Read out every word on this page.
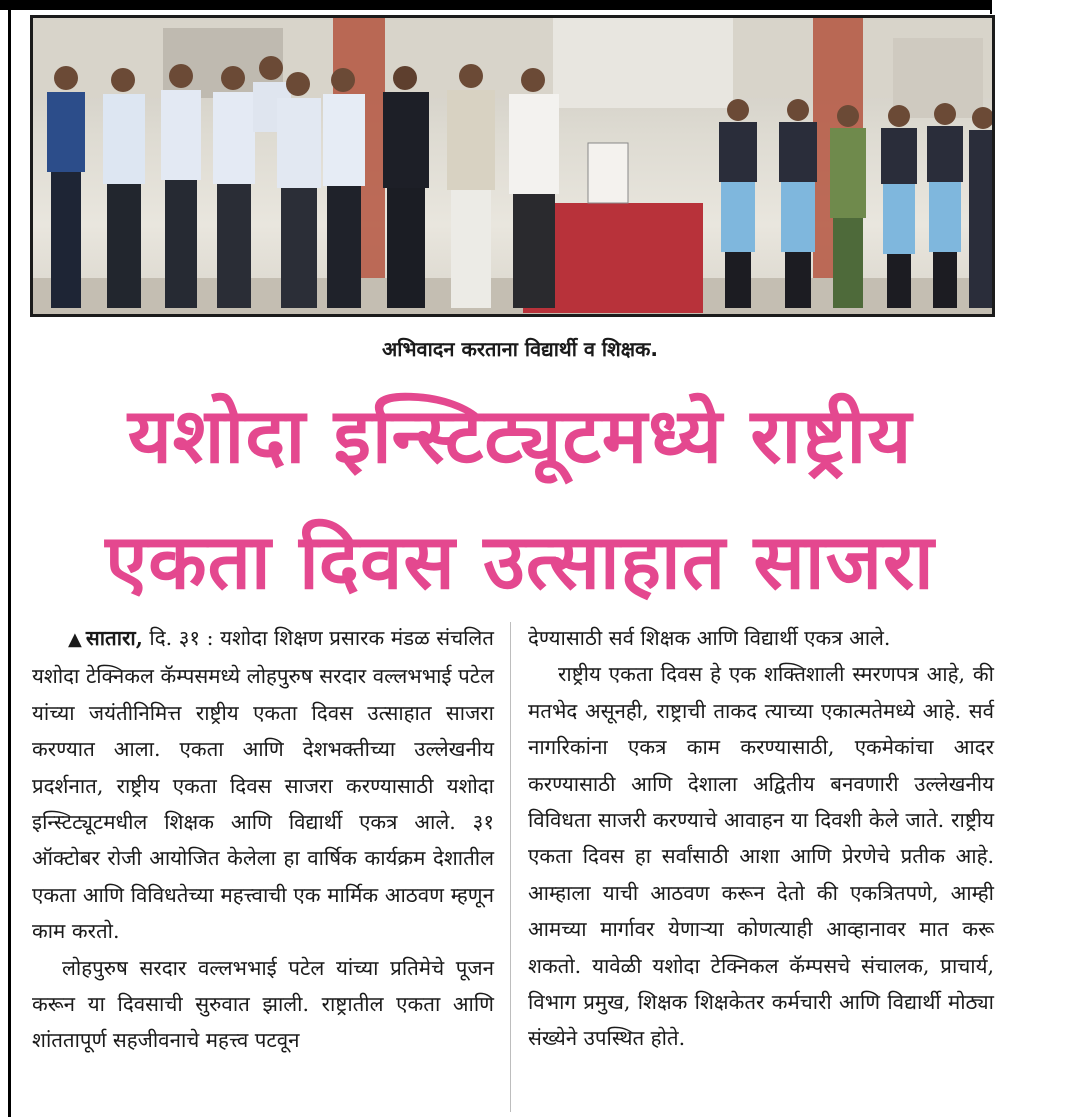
अभिवादन करताना विद्यार्थी व शिक्षक.
यशोदा इन्स्टिट्यूटमध्ये राष्ट्रीय
एकता दिवस उत्साहात साजरा

▲ सातारा, दि. ३१ : यशोदा शिक्षण प्रसारक मंडळ संचलित यशोदा टेक्निकल कॅम्पसमध्ये लोहपुरुष सरदार वल्लभभाई पटेल यांच्या जयंतीनिमित्त राष्ट्रीय एकता दिवस उत्साहात साजरा करण्यात आला. एकता आणि देशभक्तीच्या उल्लेखनीय प्रदर्शनात, राष्ट्रीय एकता दिवस साजरा करण्यासाठी यशोदा इन्स्टिट्यूटमधील शिक्षक आणि विद्यार्थी एकत्र आले. ३१ ऑक्टोबर रोजी आयोजित केलेला हा वार्षिक कार्यक्रम देशातील एकता आणि विविधतेच्या महत्त्वाची एक मार्मिक आठवण म्हणून काम करतो.

लोहपुरुष सरदार वल्लभभाई पटेल यांच्या प्रतिमेचे पूजन करून या दिवसाची सुरुवात झाली. राष्ट्रातील एकता आणि शांततापूर्ण सहजीवनाचे महत्त्व पटवून

देण्यासाठी सर्व शिक्षक आणि विद्यार्थी एकत्र आले.

राष्ट्रीय एकता दिवस हे एक शक्तिशाली स्मरणपत्र आहे, की मतभेद असूनही, राष्ट्राची ताकद त्याच्या एकात्मतेमध्ये आहे. सर्व नागरिकांना एकत्र काम करण्यासाठी, एकमेकांचा आदर करण्यासाठी आणि देशाला अद्वितीय बनवणारी उल्लेखनीय विविधता साजरी करण्याचे आवाहन या दिवशी केले जाते. राष्ट्रीय एकता दिवस हा सर्वांसाठी आशा आणि प्रेरणेचे प्रतीक आहे. आम्हाला याची आठवण करून देतो की एकत्रितपणे, आम्ही आमच्या मार्गावर येणाऱ्या कोणत्याही आव्हानावर मात करू शकतो. यावेळी यशोदा टेक्निकल कॅम्पसचे संचालक, प्राचार्य, विभाग प्रमुख, शिक्षक शिक्षकेतर कर्मचारी आणि विद्यार्थी मोठ्या संख्येने उपस्थित होते.
